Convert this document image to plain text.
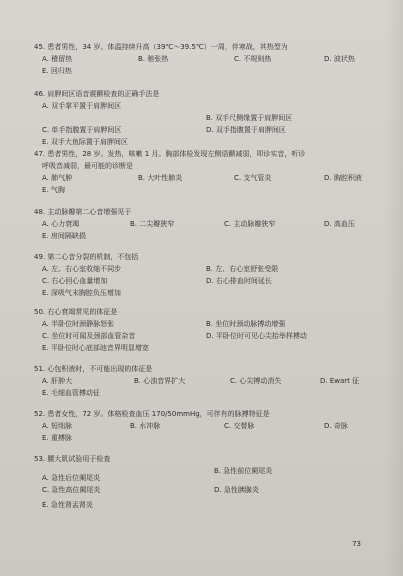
45. 患者男性，34 岁。体温持续升高（39℃～39.5℃）一周，伴寒战，其热型为
A. 稽留热	B. 驰张热	C. 不规则热	D. 波状热
E. 回归热
46. 肩胛间区语音震颤检查的正确手法是
A. 双手掌平置于肩胛间区
B. 双手尺侧缘置于肩胛间区
C. 单手指腹置于肩胛间区	D. 双手指腹置于肩胛间区
E. 双手大鱼际置于肩胛间区
47. 患者男性，28 岁。发热，咳嗽 1 月。胸部体检发现左侧语颤减弱，叩诊实音，听诊
呼吸音减弱，最可能的诊断是
A. 肺气肿	B. 大叶性肺炎	C. 支气管炎	D. 胸腔积液
E. 气胸
48. 主动脉瓣第二心音增强见于
A. 心力衰竭	B. 二尖瓣狭窄	C. 主动脉瓣狭窄	D. 高血压
E. 房间隔缺损
49. 第二心音分裂的机制，不包括
A. 左、右心室收缩不同步	B. 左、右心室舒张受限
C. 右心回心血量增加	D. 右心排血时间延长
E. 深吸气末胸腔负压增加
50. 右心衰竭常见的体征是
A. 半卧位时颈静脉怒张	B. 坐位时颈动脉搏动增强
C. 坐位时可闻及颈部血管杂音	D. 平卧位时可见心尖抬举样搏动
E. 平卧位时心底部池音界明显增宽
51. 心包积液时，不可能出现的体征是
A. 肝肿大	B. 心浊音界扩大	C. 心尖搏动消失	D. Ewart 征
E. 毛细血管搏动征
52. 患者女性，72 岁。体格检查血压 170/50mmHg，可伴有的脉搏特征是
A. 短绌脉	B. 水冲脉	C. 交替脉	D. 奇脉
E. 重搏脉
53. 腰大肌试验用于检查
B. 急性前位阑尾炎
A. 急性后位阑尾炎
C. 急性高位阑尾炎	D. 急性胰腺炎
E. 急性肾盂肾炎
73
